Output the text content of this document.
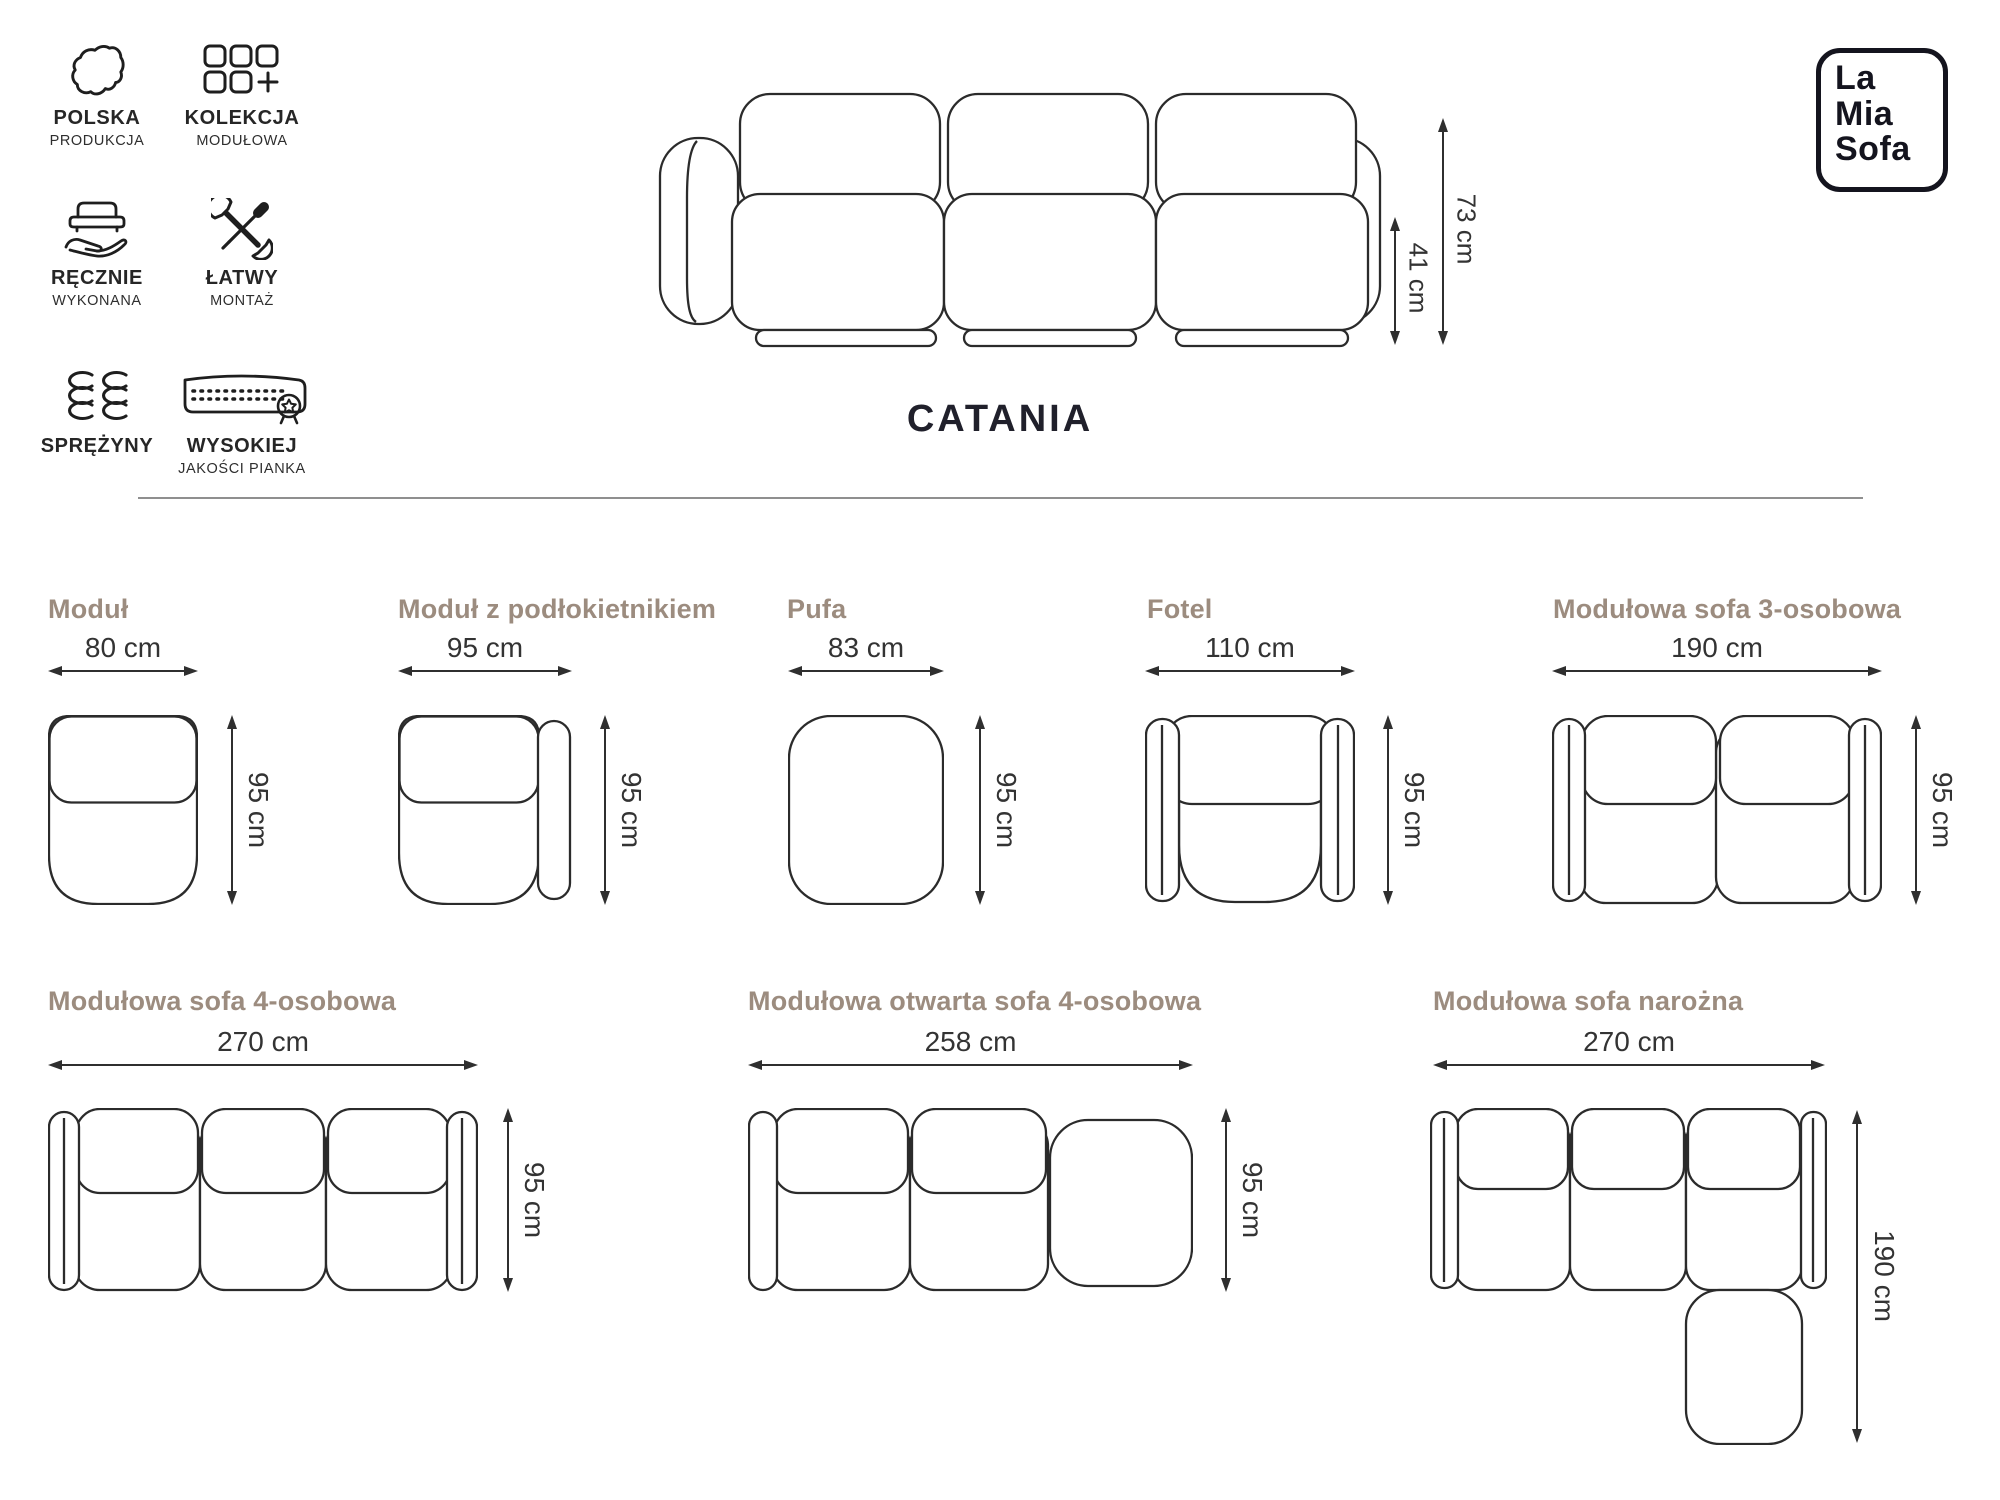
POLSKA
PRODUKCJA
KOLEKCJA
MODUŁOWA
RĘCZNIE
WYKONANA
ŁATWY
MONTAŻ
SPRĘŻYNY WYSOKIEJ
JAKOŚCI PIANKA
73 cm
41 cm
CATANIA
La
Mia
Sofa
Moduł
80 cm
95 cm
Moduł z podłokietnikiem
95 cm
95 cm
Pufa
83 cm
95 cm
Fotel
110 cm
95 cm
Modułowa sofa 3-osobowa
190 cm
95 cm
Modułowa sofa 4-osobowa
270 cm
95 cm
Modułowa otwarta sofa 4-osobowa
258 cm
95 cm
Modułowa sofa narożna
270 cm
190 cm
